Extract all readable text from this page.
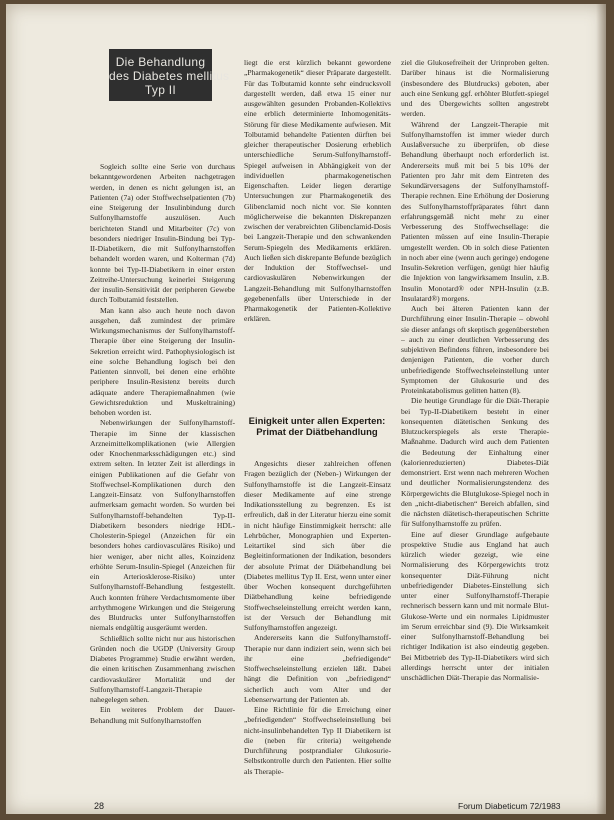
Die Behandlung
des Diabetes mellitus
Typ II

Sogleich sollte eine Serie von durchaus bekanntgewordenen Arbeiten nachgetragen werden, in denen es nicht gelungen ist, an Patienten (7a) oder Stoffwechselpatienten (7b) eine Steigerung der Insulinbindung durch Sulfonylharnstoffe auszulösen. Auch berichteten Standl und Mitarbeiter (7c) von besonders niedriger Insulin-Bindung bei Typ-II-Diabetikern, die mit Sulfonylharnstoffen behandelt worden waren, und Kolterman (7d) konnte bei Typ-II-Diabetikern in einer ersten Zeitreihe-Untersuchung keinerlei Steigerung der insulin-Sensitivität der peripheren Gewebe durch Tolbutamid feststellen.

Man kann also auch heute noch davon ausgehen, daß zumindest der primäre Wirkungsmechanismus der Sulfonylharnstoff-Therapie über eine Steigerung der Insulin-Sekretion erreicht wird. Pathophysiologisch ist eine solche Behandlung logisch bei den Patienten sinnvoll, bei denen eine erhöhte periphere Insulin-Resistenz bereits durch adäquate andere Therapiemaßnahmen (wie Gewichtsreduktion und Muskeltraining) behoben worden ist.

Nebenwirkungen der Sulfonylharnstoff-Therapie im Sinne der klassischen Arzneimittelkomplikationen (wie Allergien oder Knochenmarksschädigungen etc.) sind extrem selten. In letzter Zeit ist allerdings in einigen Publikationen auf die Gefahr von Stoffwechsel-Komplikationen durch den Langzeit-Einsatz von Sulfonylharnstoffen aufmerksam gemacht worden. So wurden bei Sulfonylharnstoff-behandelten Typ-II-Diabetikern besonders niedrige HDL-Cholesterin-Spiegel (Anzeichen für ein besonders hohes cardiovasculäres Risiko) und hier weniger, aber nicht alles, Koinzidenz erhöhte Serum-Insulin-Spiegel (Anzeichen für ein Arteriosklerose-Risiko) unter Sulfonylharnstoff-Behandlung festgestellt. Auch konnten frühere Verdachtsmomente über arrhythmogene Wirkungen und die Steigerung des Blutdrucks unter Sulfonylharnstoffen niemals endgültig ausgeräumt werden.

Schließlich sollte nicht nur aus historischen Gründen noch die UGDP (University Group Diabetes Programme) Studie erwähnt werden, die einen kritischen Zusammenhang zwischen cardiovaskulärer Mortalität und der Sulfonylharnstoff-Langzeit-Therapie nahegelegen sehen.

Ein weiteres Problem der Dauer-Behandlung mit Sulfonylharnstoffen

liegt die erst kürzlich bekannt gewordene „Pharmakogenetik“ dieser Präparate dargestellt. Für das Tolbutamid konnte sehr eindrucksvoll dargestellt werden, daß etwa 15 einer nur ausgewählten gesunden Probanden-Kollektivs eine erblich determinierte Inhomogenitäts-Störung für diese Medikamente aufwiesen. Mit Tolbutamid behandelte Patienten dürften bei gleicher therapeutischer Dosierung erheblich unterschiedliche Serum-Sulfonylharnstoff-Spiegel aufweisen in Abhängigkeit von der individuellen pharmakogenetischen Eigenschaften. Leider liegen derartige Untersuchungen zur Pharmakogenetik des Glibenclamid noch nicht vor. Sie konnten möglicherweise die bekannten Diskrepanzen zwischen der verabreichten Glibenclamid-Dosis bei Langzeit-Therapie und den schwankenden Serum-Spiegeln des Medikaments erklären. Auch ließen sich diskrepante Befunde bezüglich der Induktion der Stoffwechsel- und cardiovaskulären Nebenwirkungen der Langzeit-Behandlung mit Sulfonylharnstoffen gegebenenfalls über Unterschiede in der Pharmakogenetik der Patienten-Kollektive erklären.

Einigkeit unter allen Experten: Primat der Diätbehandlung

Angesichts dieser zahlreichen offenen Fragen bezüglich der (Neben-) Wirkungen der Sulfonylharnstoffe ist die Langzeit-Einsatz dieser Medikamente auf eine strenge Indikationsstellung zu begrenzen. Es ist erfreulich, daß in der Literatur hierzu eine somit in nicht häufige Einstimmigkeit herrscht: alle Lehrbücher, Monographien und Experten-Leitartikel sind sich über die Begleitinformationen der Indikation, besonders der absolute Primat der Diätbehandlung bei (Diabetes mellitus Typ II. Erst, wenn unter einer über Wochen konsequent durchgeführten Diätbehandlung keine befriedigende Stoffwechseleinstellung erreicht werden kann, ist der Versuch der Behandlung mit Sulfonylharnstoffen angezeigt.

Andererseits kann die Sulfonylharnstoff-Therapie nur dann indiziert sein, wenn sich bei ihr eine „befriedigende“ Stoffwechseleinstellung erzielen läßt. Dabei hängt die Definition von „befriedigend“ sicherlich auch vom Alter und der Lebenserwartung der Patienten ab.

Eine Richtlinie für die Erreichung einer „befriedigenden“ Stoffwechseleinstellung bei nicht-insulinbehandelten Typ II Diabetikern ist die (neben für criteria) weitgehende Durchführung postprandialer Glukosurie-Selbstkontrolle durch den Patienten. Hier sollte als Therapie-

ziel die Glukosefreiheit der Urinproben gelten. Darüber hinaus ist die Normalisierung (insbesondere des Blutdrucks) geboten, aber auch eine Senkung ggf. erhöhter Blutfett-spiegel und des Übergewichts sollten angestrebt werden.

Während der Langzeit-Therapie mit Sulfonylharnstoffen ist immer wieder durch Auslaßversuche zu überprüfen, ob diese Behandlung überhaupt noch erforderlich ist. Andererseits muß mit bei 5 bis 10% der Patienten pro Jahr mit dem Eintreten des Sekundärversagens der Sulfonylharnstoff-Therapie rechnen. Eine Erhöhung der Dosierung des Sulfonylharnstoffpräparates führt dann erfahrungsgemäß nicht mehr zu einer Verbesserung des Stoffwechsellage: die Patienten müssen auf eine Insulin-Therapie umgestellt werden. Ob in solch diese Patienten in noch aber eine (wenn auch geringe) endogene Insulin-Sekretion verfügen, genügt hier häufig die Injektion von langwirksamem Insulin, z.B. Insulin Monotard® oder NPH-Insulin (z.B. Insulatard®) morgens.

Auch bei älteren Patienten kann der Durchführung einer Insulin-Therapie – obwohl sie dieser anfangs oft skeptisch gegenüberstehen – auch zu einer deutlichen Verbesserung des subjektiven Befindens führen, insbesondere bei denjenigen Patienten, die vorher durch unbefriedigende Stoffwechseleinstellung unter Symptomen der Glukosurie und des Proteinkatabolismus gelitten hatten (8).

Die heutige Grundlage für die Diät-Therapie bei Typ-II-Diabetikern besteht in einer konsequenten diätetischen Senkung des Blutzuckerspiegels als erste Therapie-Maßnahme. Dadurch wird auch dem Patienten die Bedeutung der Einhaltung einer (kalorienreduzierten) Diabetes-Diät demonstriert. Erst wenn nach mehreren Wochen und deutlicher Normalisierungstendenz des Körpergewichts die Blutglukose-Spiegel noch in den „nicht-diabetischen“ Bereich abfallen, sind die nächsten diätetisch-therapeutischen Schritte für Sulfonylharnstoffe zu prüfen.

Eine auf dieser Grundlage aufgebaute prospektive Studie aus England hat auch kürzlich wieder gezeigt, wie eine Normalisierung des Körpergewichts trotz konsequenter Diät-Führung nicht unbefriedigender Diabetes-Einstellung sich unter einer Sulfonylharnstoff-Therapie rechnerisch bessern kann und mit normale Blut-Glukose-Werte und ein normales Lipidmuster im Serum erreichbar sind (9). Die Wirksamkeit einer Sulfonylharnstoff-Behandlung bei richtiger Indikation ist also eindeutig gegeben. Bei Mitbetrieb des Typ-II-Diabetikers wird sich allerdings herrscht unter der initialen unschädlichen Diät-Therapie das Normalisie-

28	Forum Diabeticum 72/1983
